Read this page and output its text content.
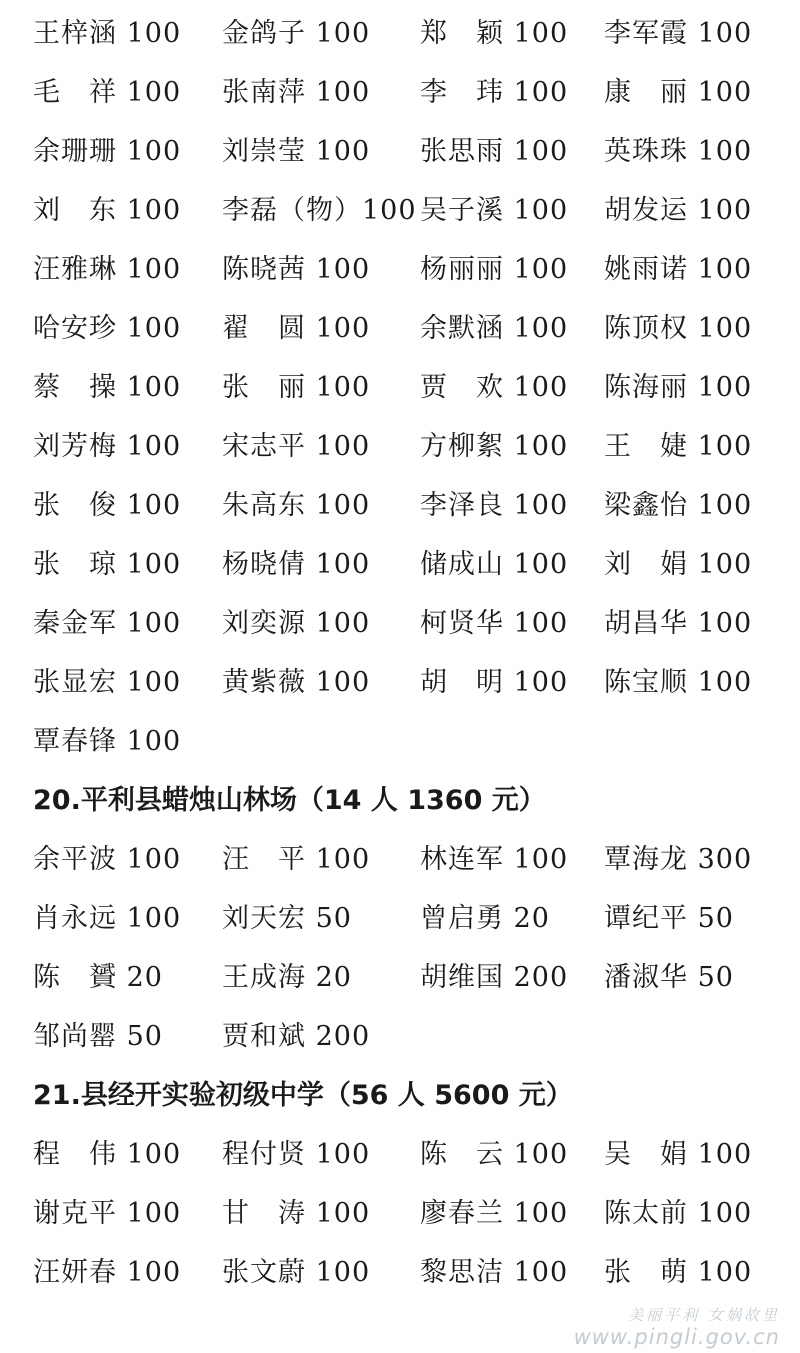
王梓涵 100 金鸽子 100 郑　颖 100 李军霞 100
毛　祥 100 张南萍 100 李　玮 100 康　丽 100
余珊珊 100 刘崇莹 100 张思雨 100 英珠珠 100
刘　东 100 李磊（物）100 吴子溪 100 胡发运 100
汪雅琳 100 陈晓茜 100 杨丽丽 100 姚雨诺 100
哈安珍 100 翟　圆 100 余默涵 100 陈顶权 100
蔡　操 100 张　丽 100 贾　欢 100 陈海丽 100
刘芳梅 100 宋志平 100 方柳絮 100 王　婕 100
张　俊 100 朱高东 100 李泽良 100 梁鑫怡 100
张　琼 100 杨晓倩 100 储成山 100 刘　娟 100
秦金军 100 刘奕源 100 柯贤华 100 胡昌华 100
张显宏 100 黄紫薇 100 胡　明 100 陈宝顺 100
覃春锋 100
20.平利县蜡烛山林场（14 人 1360 元）
余平波 100 汪　平 100 林连军 100 覃海龙 300
肖永远 100 刘天宏 50	曾启勇 20 谭纪平 50
陈　贇 20 王成海 20	胡维国 200 潘淑华 50
邹尚罂 50 贾和斌 200
21.县经开实验初级中学（56 人 5600 元）
程　伟 100 程付贤 100 陈　云 100 吴　娟 100
谢克平 100 甘　涛 100 廖春兰 100 陈太前 100
汪妍春 100 张文蔚 100 黎思洁 100 张　萌 100
美丽平利 女娲故里
www.pingli.gov.cn
